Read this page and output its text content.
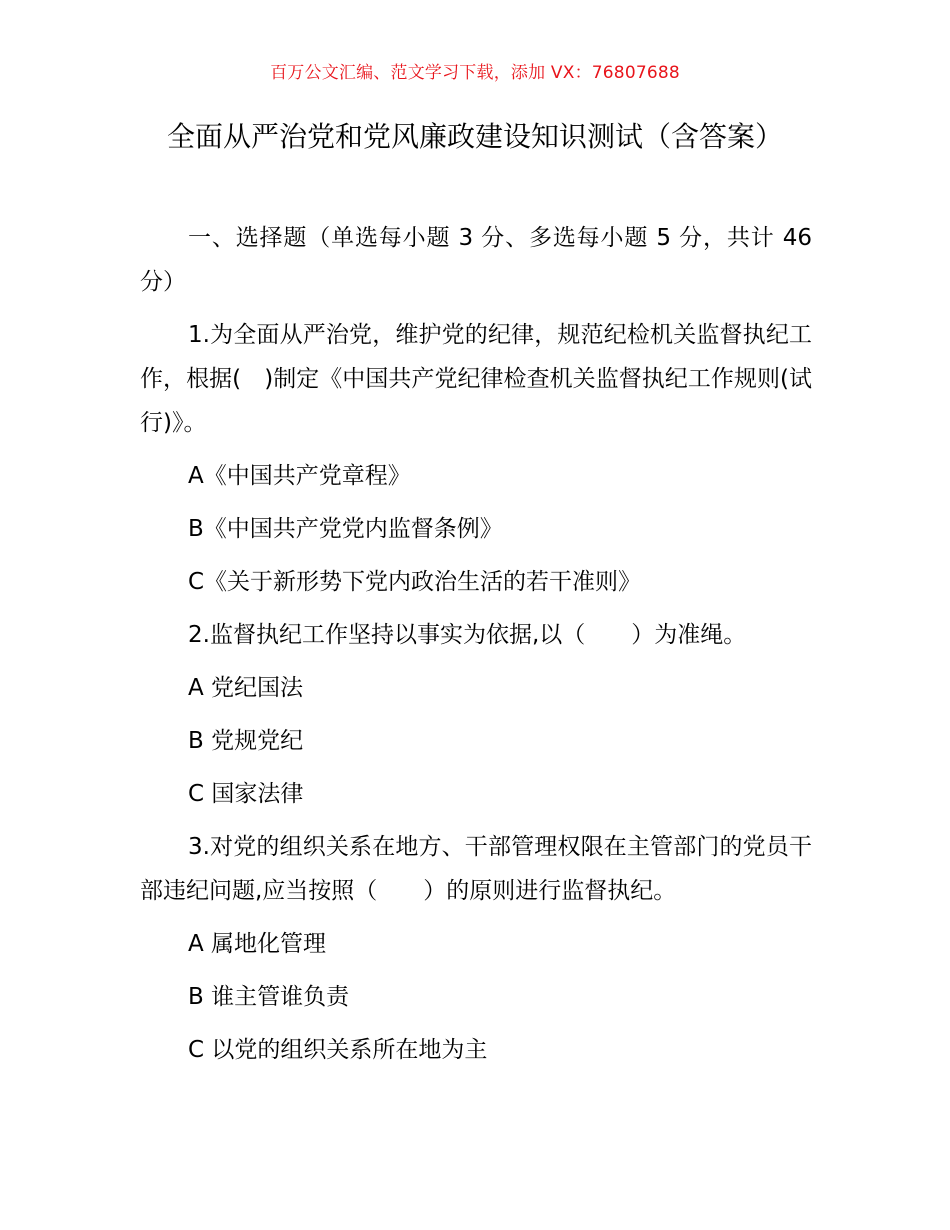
百万公文汇编、范文学习下载，添加 VX：76807688
全面从严治党和党风廉政建设知识测试（含答案）

一、选择题（单选每小题 3 分、多选每小题 5 分，共计 46 分）

1.为全面从严治党，维护党的纪律，规范纪检机关监督执纪工作，根据(　)制定《中国共产党纪律检查机关监督执纪工作规则(试行)》。

A《中国共产党章程》

B《中国共产党党内监督条例》

C《关于新形势下党内政治生活的若干准则》

2.监督执纪工作坚持以事实为依据,以（　　）为准绳。

A 党纪国法

B 党规党纪

C 国家法律

3.对党的组织关系在地方、干部管理权限在主管部门的党员干部违纪问题,应当按照（　　）的原则进行监督执纪。

A 属地化管理

B 谁主管谁负责

C 以党的组织关系所在地为主
